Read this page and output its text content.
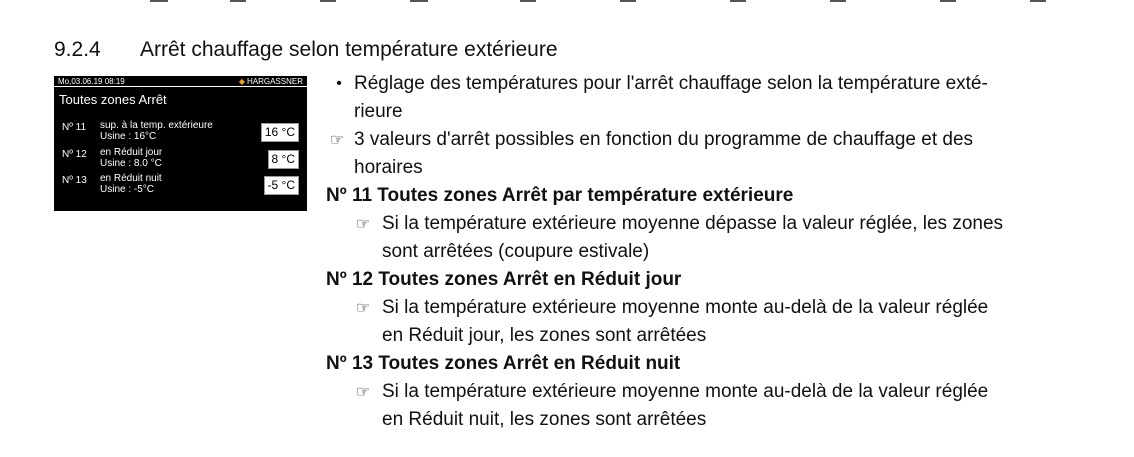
9.2.4 Arrêt chauffage selon température extérieure
Mo,03.06.19 08:19	◆ HARGASSNER
Toutes zones Arrêt
Nº 11 sup. à la temp. extérieure
Usine : 16°C	16 °C
Nº 12 en Réduit jour
Usine : 8.0 °C	8 °C
Nº 13 en Réduit nuit
Usine : -5°C	-5 °C
• Réglage des températures pour l'arrêt chauffage selon la température exté-
rieure
☞ 3 valeurs d'arrêt possibles en fonction du programme de chauffage et des
horaires
Nº 11 Toutes zones Arrêt par température extérieure
☞ Si la température extérieure moyenne dépasse la valeur réglée, les zones
sont arrêtées (coupure estivale)
Nº 12 Toutes zones Arrêt en Réduit jour
☞ Si la température extérieure moyenne monte au-delà de la valeur réglée
en Réduit jour, les zones sont arrêtées
Nº 13 Toutes zones Arrêt en Réduit nuit
☞ Si la température extérieure moyenne monte au-delà de la valeur réglée
en Réduit nuit, les zones sont arrêtées
